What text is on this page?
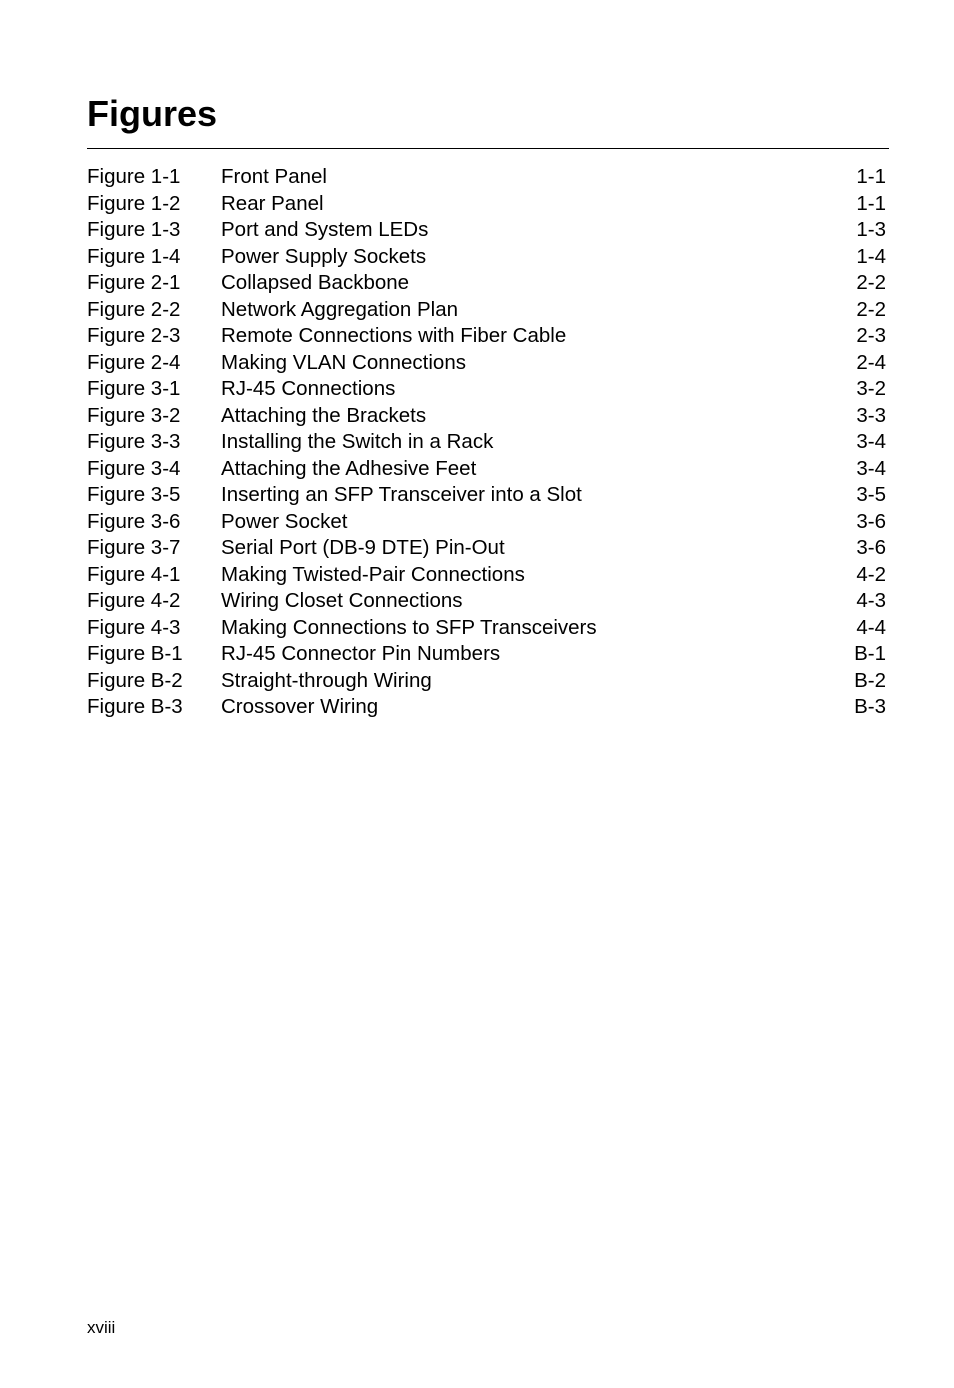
Figures
Figure 1-1	Front Panel	1-1
Figure 1-2	Rear Panel	1-1
Figure 1-3	Port and System LEDs	1-3
Figure 1-4	Power Supply Sockets	1-4
Figure 2-1	Collapsed Backbone	2-2
Figure 2-2	Network Aggregation Plan	2-2
Figure 2-3	Remote Connections with Fiber Cable	2-3
Figure 2-4	Making VLAN Connections	2-4
Figure 3-1	RJ-45 Connections	3-2
Figure 3-2	Attaching the Brackets	3-3
Figure 3-3	Installing the Switch in a Rack	3-4
Figure 3-4	Attaching the Adhesive Feet	3-4
Figure 3-5	Inserting an SFP Transceiver into a Slot	3-5
Figure 3-6	Power Socket	3-6
Figure 3-7	Serial Port (DB-9 DTE) Pin-Out	3-6
Figure 4-1	Making Twisted-Pair Connections	4-2
Figure 4-2	Wiring Closet Connections	4-3
Figure 4-3	Making Connections to SFP Transceivers	4-4
Figure B-1	RJ-45 Connector Pin Numbers	B-1
Figure B-2	Straight-through Wiring	B-2
Figure B-3	Crossover Wiring	B-3
xviii
